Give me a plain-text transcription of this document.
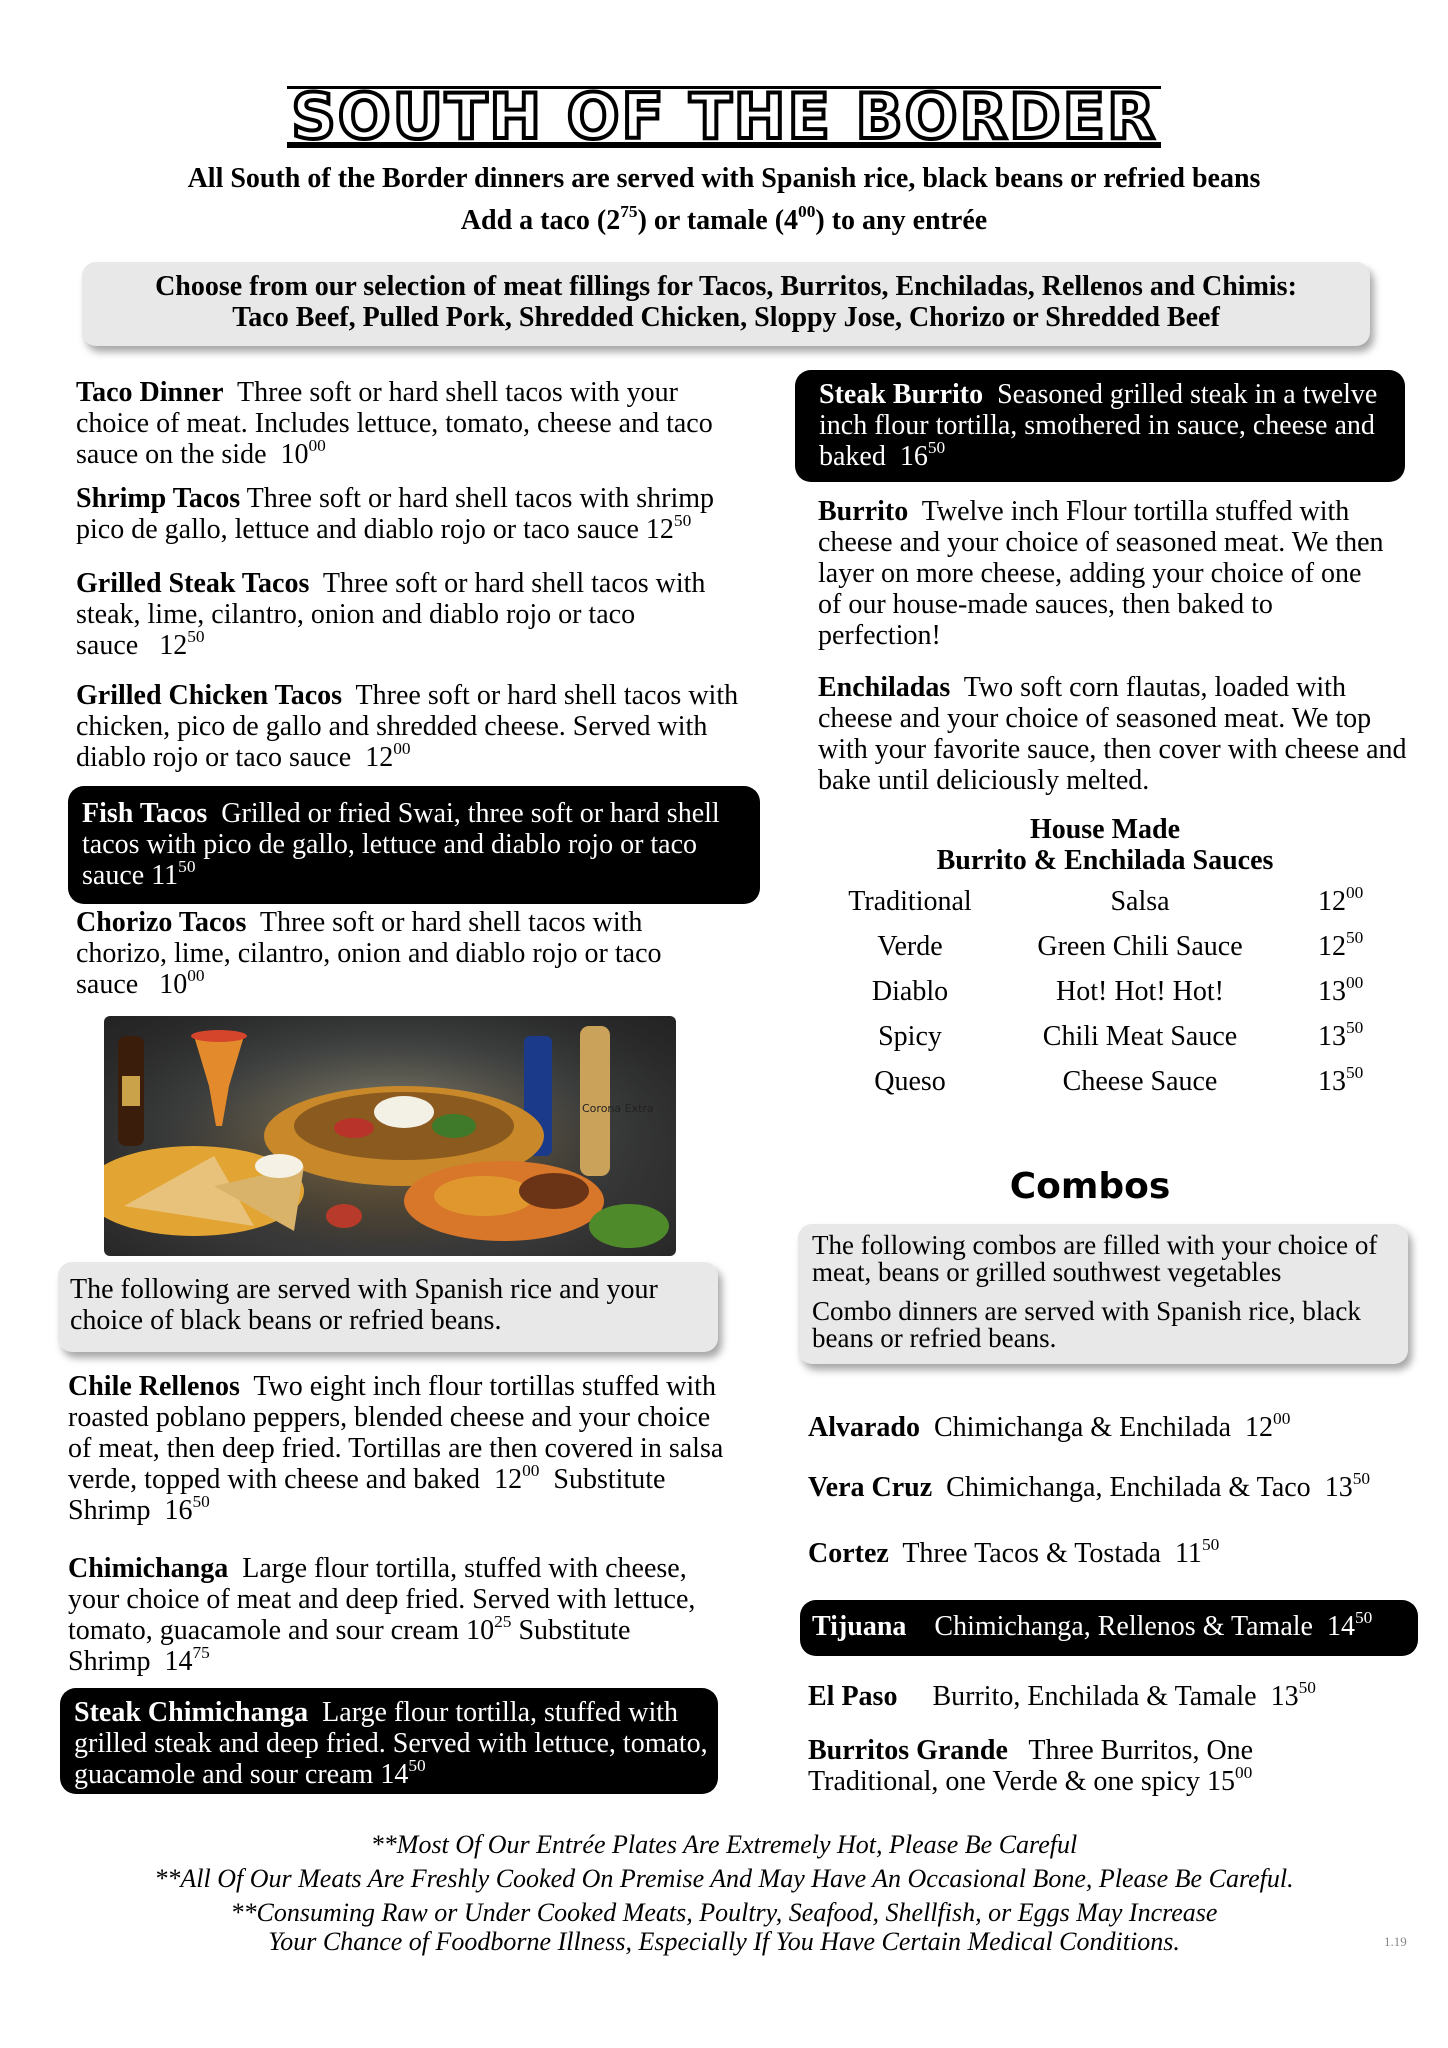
SOUTH OF THE BORDER
All South of the Border dinners are served with Spanish rice, black beans or refried beans
Add a taco $(2^{75})$ or tamale $(4^{00})$ to any entrée
Choose from our selection of meat fillings for Tacos, Burritos, Enchiladas, Rellenos and Chimis:
Taco Beef, Pulled Pork, Shredded Chicken, Sloppy Jose, Chorizo or Shredded Beef
Taco Dinner Three soft or hard shell tacos with your choice of meat. Includes lettuce, tomato, cheese and taco sauce on the side $10^{00}$
Shrimp Tacos Three soft or hard shell tacos with shrimp pico de gallo, lettuce and diablo rojo or taco sauce $12^{50}$
Grilled Steak Tacos Three soft or hard shell tacos with steak, lime, cilantro, onion and diablo rojo or taco sauce $12^{50}$
Grilled Chicken Tacos Three soft or hard shell tacos with chicken, pico de gallo and shredded cheese. Served with diablo rojo or taco sauce $12^{00}$
Fish Tacos Grilled or fried Swai, three soft or hard shell tacos with pico de gallo, lettuce and diablo rojo or taco sauce $11^{50}$
Chorizo Tacos Three soft or hard shell tacos with chorizo, lime, cilantro, onion and diablo rojo or taco sauce $10^{00}$
Corona Extra
The following are served with Spanish rice and your choice of black beans or refried beans.
Chile Rellenos Two eight inch flour tortillas stuffed with roasted poblano peppers, blended cheese and your choice of meat, then deep fried. Tortillas are then covered in salsa verde, topped with cheese and baked $12^{00}$ Substitute Shrimp $16^{50}$
Chimichanga Large flour tortilla, stuffed with cheese, your choice of meat and deep fried. Served with lettuce, tomato, guacamole and sour cream $10^{25}$ Substitute Shrimp $14^{75}$
Steak Chimichanga Large flour tortilla, stuffed with grilled steak and deep fried. Served with lettuce, tomato, guacamole and sour cream $14^{50}$
Steak Burrito Seasoned grilled steak in a twelve inch flour tortilla, smothered in sauce, cheese and baked $16^{50}$
Burrito Twelve inch Flour tortilla stuffed with cheese and your choice of seasoned meat. We then layer on more cheese, adding your choice of one of our house-made sauces, then baked to perfection!
Enchiladas Two soft corn flautas, loaded with cheese and your choice of seasoned meat. We top with your favorite sauce, then cover with cheese and bake until deliciously melted.
House Made
Burrito & Enchilada Sauces
Traditional	Salsa	$12^{00}$
Verde	Green Chili Sauce	$12^{50}$
Diablo	Hot! Hot! Hot!	$13^{00}$
Spicy	Chili Meat Sauce	$13^{50}$
Queso	Cheese Sauce	$13^{50}$
Combos
The following combos are filled with your choice of meat, beans or grilled southwest vegetables
Combo dinners are served with Spanish rice, black beans or refried beans.
Alvarado Chimichanga & Enchilada $12^{00}$
Vera Cruz Chimichanga, Enchilada & Taco $13^{50}$
Cortez Three Tacos & Tostada $11^{50}$
Tijuana Chimichanga, Rellenos & Tamale $14^{50}$
El Paso Burrito, Enchilada & Tamale $13^{50}$
Burritos Grande Three Burritos, One Traditional, one Verde & one spicy $15^{00}$
**Most Of Our Entrée Plates Are Extremely Hot, Please Be Careful
**All Of Our Meats Are Freshly Cooked On Premise And May Have An Occasional Bone, Please Be Careful.
**Consuming Raw or Under Cooked Meats, Poultry, Seafood, Shellfish, or Eggs May Increase
Your Chance of Foodborne Illness, Especially If You Have Certain Medical Conditions.	1.19
